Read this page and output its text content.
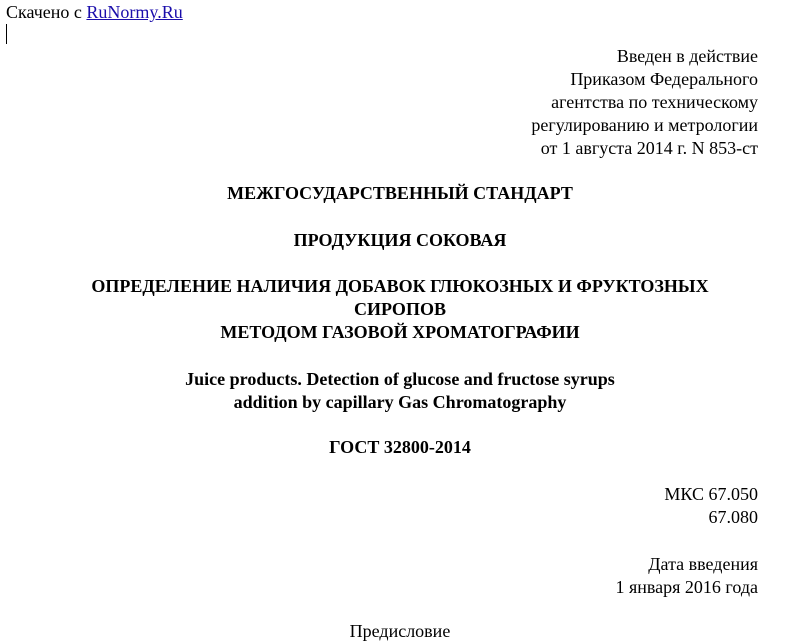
Скачено с RuNormy.Ru
Введен в действие
Приказом Федерального
агентства по техническому
регулированию и метрологии
от 1 августа 2014 г. N 853-ст
МЕЖГОСУДАРСТВЕННЫЙ СТАНДАРТ
ПРОДУКЦИЯ СОКОВАЯ
ОПРЕДЕЛЕНИЕ НАЛИЧИЯ ДОБАВОК ГЛЮКОЗНЫХ И ФРУКТОЗНЫХ
СИРОПОВ
МЕТОДОМ ГАЗОВОЙ ХРОМАТОГРАФИИ
Juice products. Detection of glucose and fructose syrups
addition by capillary Gas Chromatography
ГОСТ 32800-2014
МКС 67.050
67.080
Дата введения
1 января 2016 года
Предисловие
